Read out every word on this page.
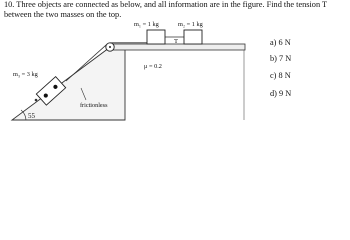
10. Three objects are connected as below, and all information are in the figure. Find the tension T between the two masses on the top.
m₁ = 1 kg	m₂ = 1 kg
T
m₃ = 3 kg
μ = 0.2
frictionless
55
a) 6 N
b) 7 N
c) 8 N
d) 9 N
